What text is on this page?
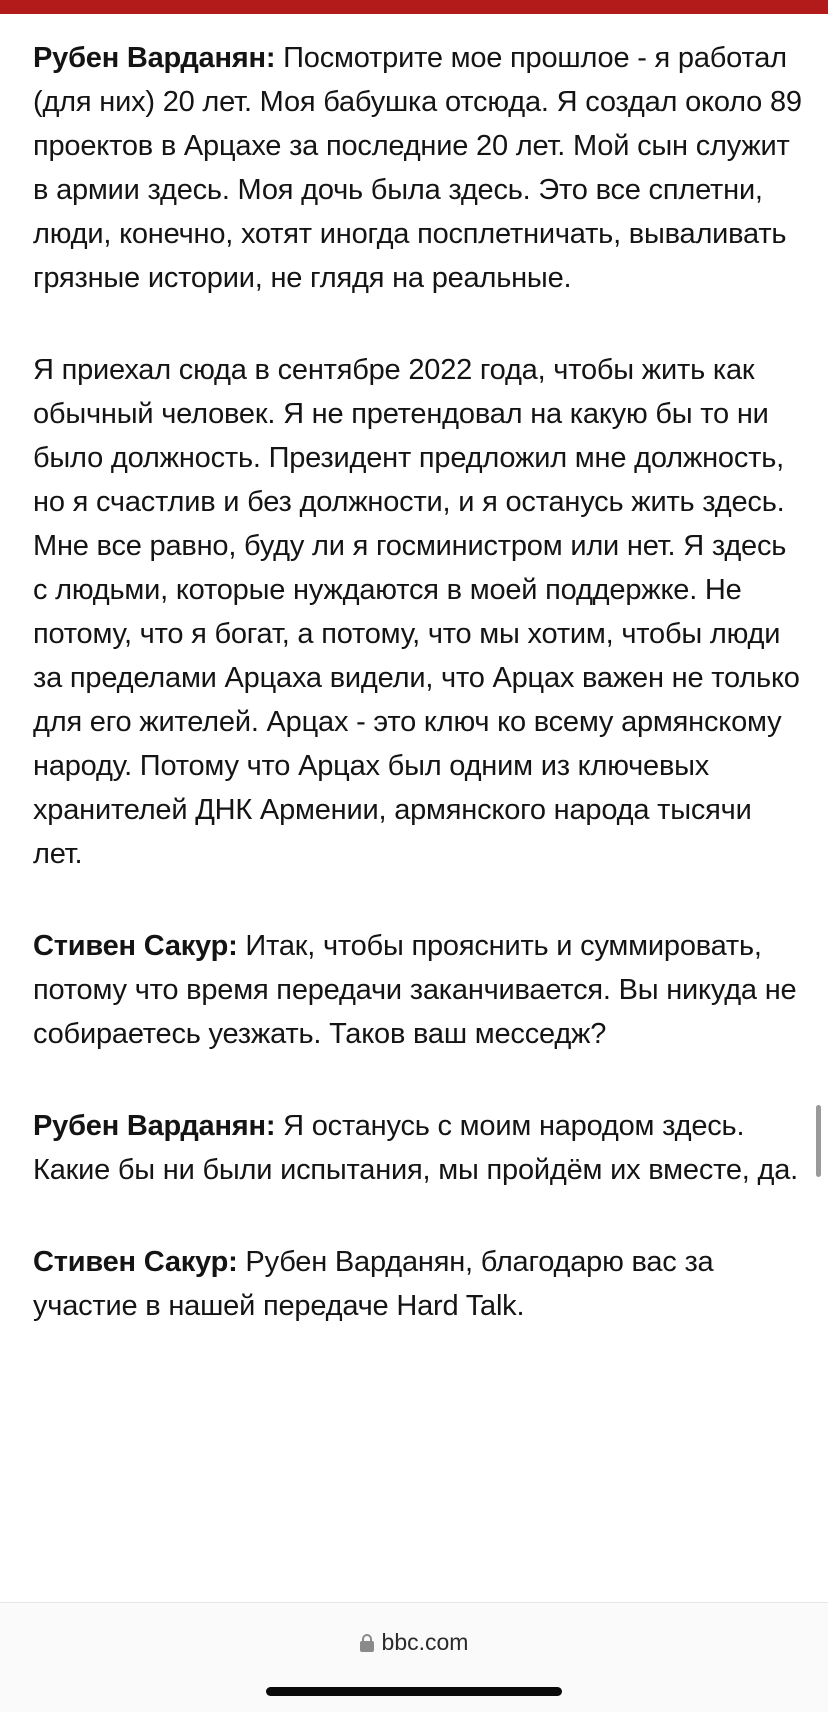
Рубен Варданян: Посмотрите мое прошлое - я работал (для них) 20 лет. Моя бабушка отсюда. Я создал около 89 проектов в Арцахе за последние 20 лет. Мой сын служит в армии здесь. Моя дочь была здесь. Это все сплетни, люди, конечно, хотят иногда посплетничать, вываливать грязные истории, не глядя на реальные.

Я приехал сюда в сентябре 2022 года, чтобы жить как обычный человек. Я не претендовал на какую бы то ни было должность. Президент предложил мне должность, но я счастлив и без должности, и я останусь жить здесь. Мне все равно, буду ли я госминистром или нет. Я здесь с людьми, которые нуждаются в моей поддержке. Не потому, что я богат, а потому, что мы хотим, чтобы люди за пределами Арцаха видели, что Арцах важен не только для его жителей. Арцах - это ключ ко всему армянскому народу. Потому что Арцах был одним из ключевых хранителей ДНК Армении, армянского народа тысячи лет.

Стивен Сакур: Итак, чтобы прояснить и суммировать, потому что время передачи заканчивается. Вы никуда не собираетесь уезжать. Таков ваш месседж?

Рубен Варданян: Я останусь с моим народом здесь. Какие бы ни были испытания, мы пройдём их вместе, да.

Стивен Сакур: Рубен Варданян, благодарю вас за участие в нашей передаче Hard Talk.

bbc.com
